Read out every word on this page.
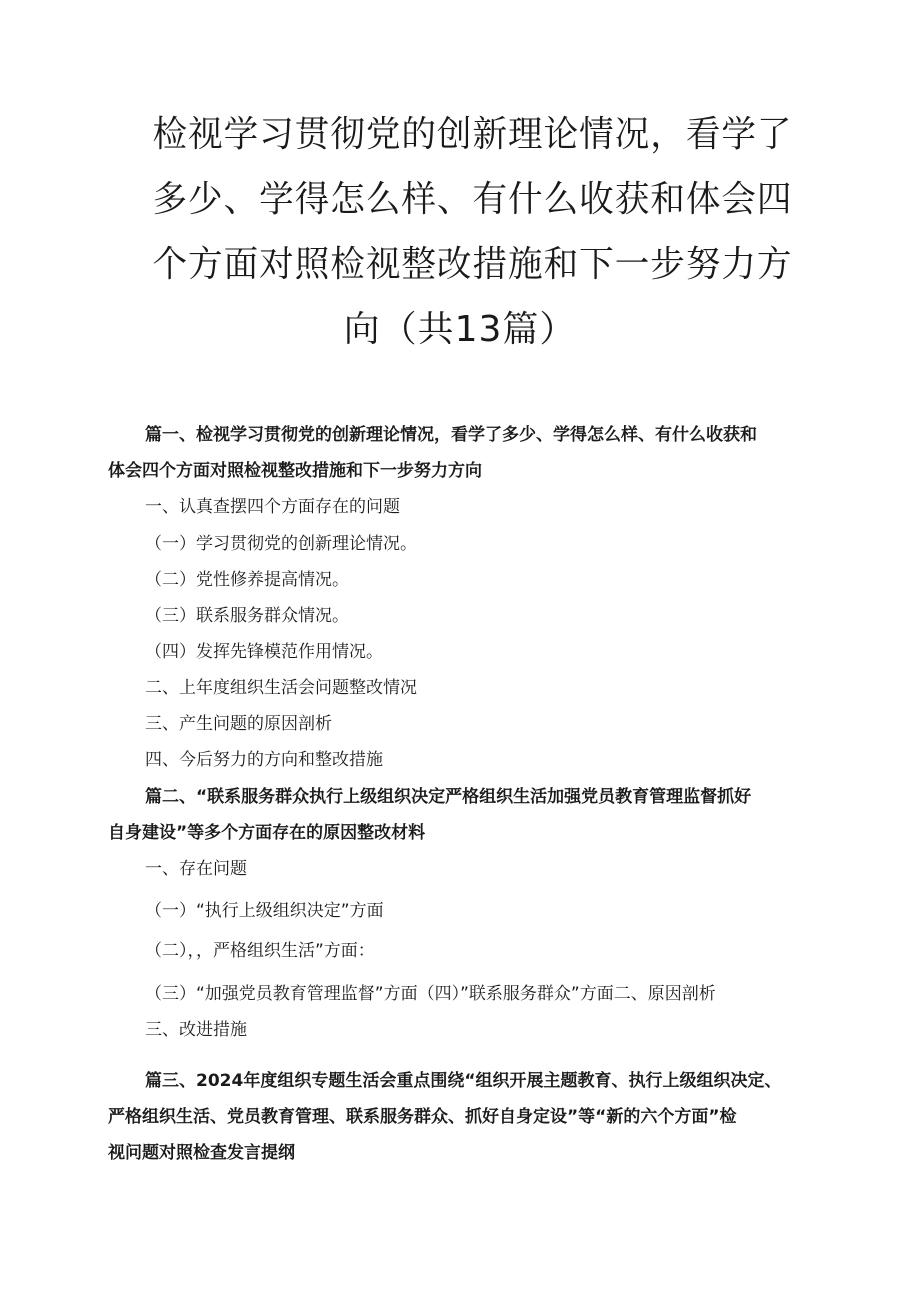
检视学习贯彻党的创新理论情况，看学了
多少、学得怎么样、有什么收获和体会四
个方面对照检视整改措施和下一步努力方
向（共13篇）
篇一、检视学习贯彻党的创新理论情况，看学了多少、学得怎么样、有什么收获和
体会四个方面对照检视整改措施和下一步努力方向
一、认真查摆四个方面存在的问题
（一）学习贯彻党的创新理论情况。
（二）党性修养提高情况。
（三）联系服务群众情况。
（四）发挥先锋模范作用情况。
二、上年度组织生活会问题整改情况
三、产生问题的原因剖析
四、今后努力的方向和整改措施
篇二、“联系服务群众执行上级组织决定严格组织生活加强党员教育管理监督抓好
自身建设”等多个方面存在的原因整改材料
一、存在问题
（一）“执行上级组织决定”方面
（二），，严格组织生活”方面：
（三）“加强党员教育管理监督”方面（四）”联系服务群众”方面二、原因剖析
三、改进措施
篇三、2024年度组织专题生活会重点围绕“组织开展主题教育、执行上级组织决定、
严格组织生活、党员教育管理、联系服务群众、抓好自身定设”等“新的六个方面”检
视问题对照检查发言提纲
